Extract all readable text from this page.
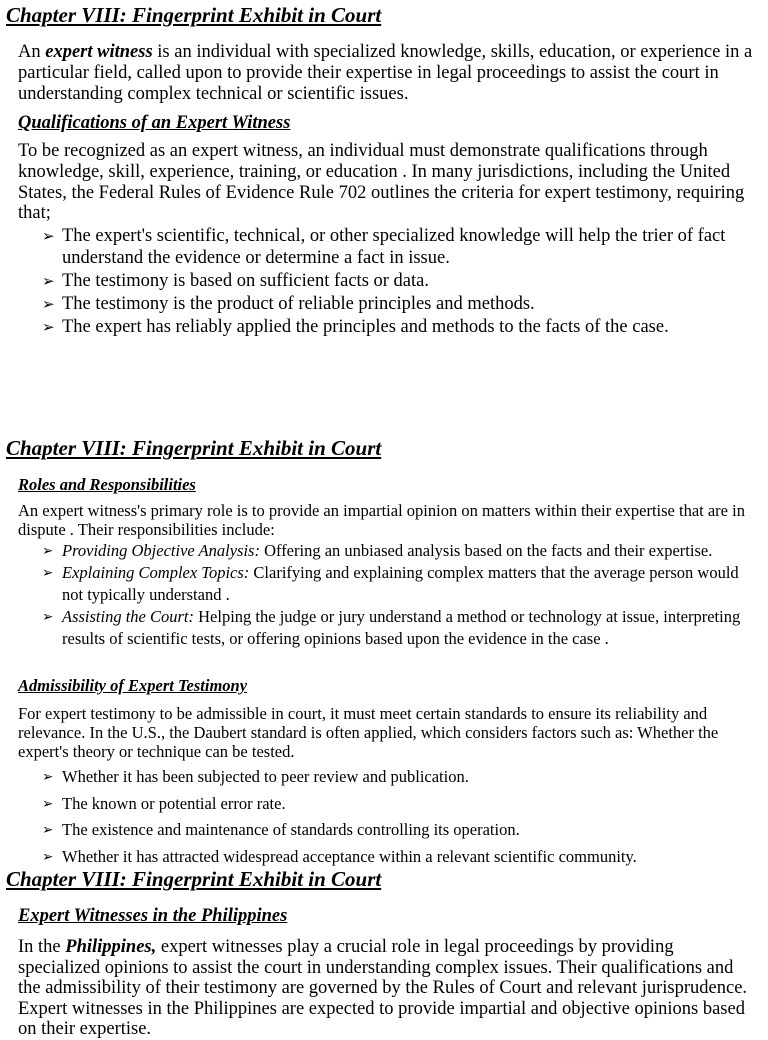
Chapter VIII: Fingerprint Exhibit in Court

An expert witness is an individual with specialized knowledge, skills, education, or experience in a particular field, called upon to provide their expertise in legal proceedings to assist the court in understanding complex technical or scientific issues.

Qualifications of an Expert Witness

To be recognized as an expert witness, an individual must demonstrate qualifications through knowledge, skill, experience, training, or education . In many jurisdictions, including the United States, the Federal Rules of Evidence Rule 702 outlines the criteria for expert testimony, requiring that;

➢ The expert's scientific, technical, or other specialized knowledge will help the trier of fact understand the evidence or determine a fact in issue.
➢ The testimony is based on sufficient facts or data.
➢ The testimony is the product of reliable principles and methods.
➢ The expert has reliably applied the principles and methods to the facts of the case.
Chapter VIII: Fingerprint Exhibit in Court
Roles and Responsibilities

An expert witness's primary role is to provide an impartial opinion on matters within their expertise that are in dispute . Their responsibilities include:

➢ Providing Objective Analysis: Offering an unbiased analysis based on the facts and their expertise.
➢ Explaining Complex Topics: Clarifying and explaining complex matters that the average person would not typically understand .
➢ Assisting the Court: Helping the judge or jury understand a method or technology at issue, interpreting results of scientific tests, or offering opinions based upon the evidence in the case .
Admissibility of Expert Testimony

For expert testimony to be admissible in court, it must meet certain standards to ensure its reliability and relevance. In the U.S., the Daubert standard is often applied, which considers factors such as: Whether the expert's theory or technique can be tested.

➢ Whether it has been subjected to peer review and publication.
➢ The known or potential error rate.
➢ The existence and maintenance of standards controlling its operation.
➢ Whether it has attracted widespread acceptance within a relevant scientific community.
Chapter VIII: Fingerprint Exhibit in Court
Expert Witnesses in the Philippines

In the Philippines, expert witnesses play a crucial role in legal proceedings by providing specialized opinions to assist the court in understanding complex issues. Their qualifications and the admissibility of their testimony are governed by the Rules of Court and relevant jurisprudence. Expert witnesses in the Philippines are expected to provide impartial and objective opinions based on their expertise.
